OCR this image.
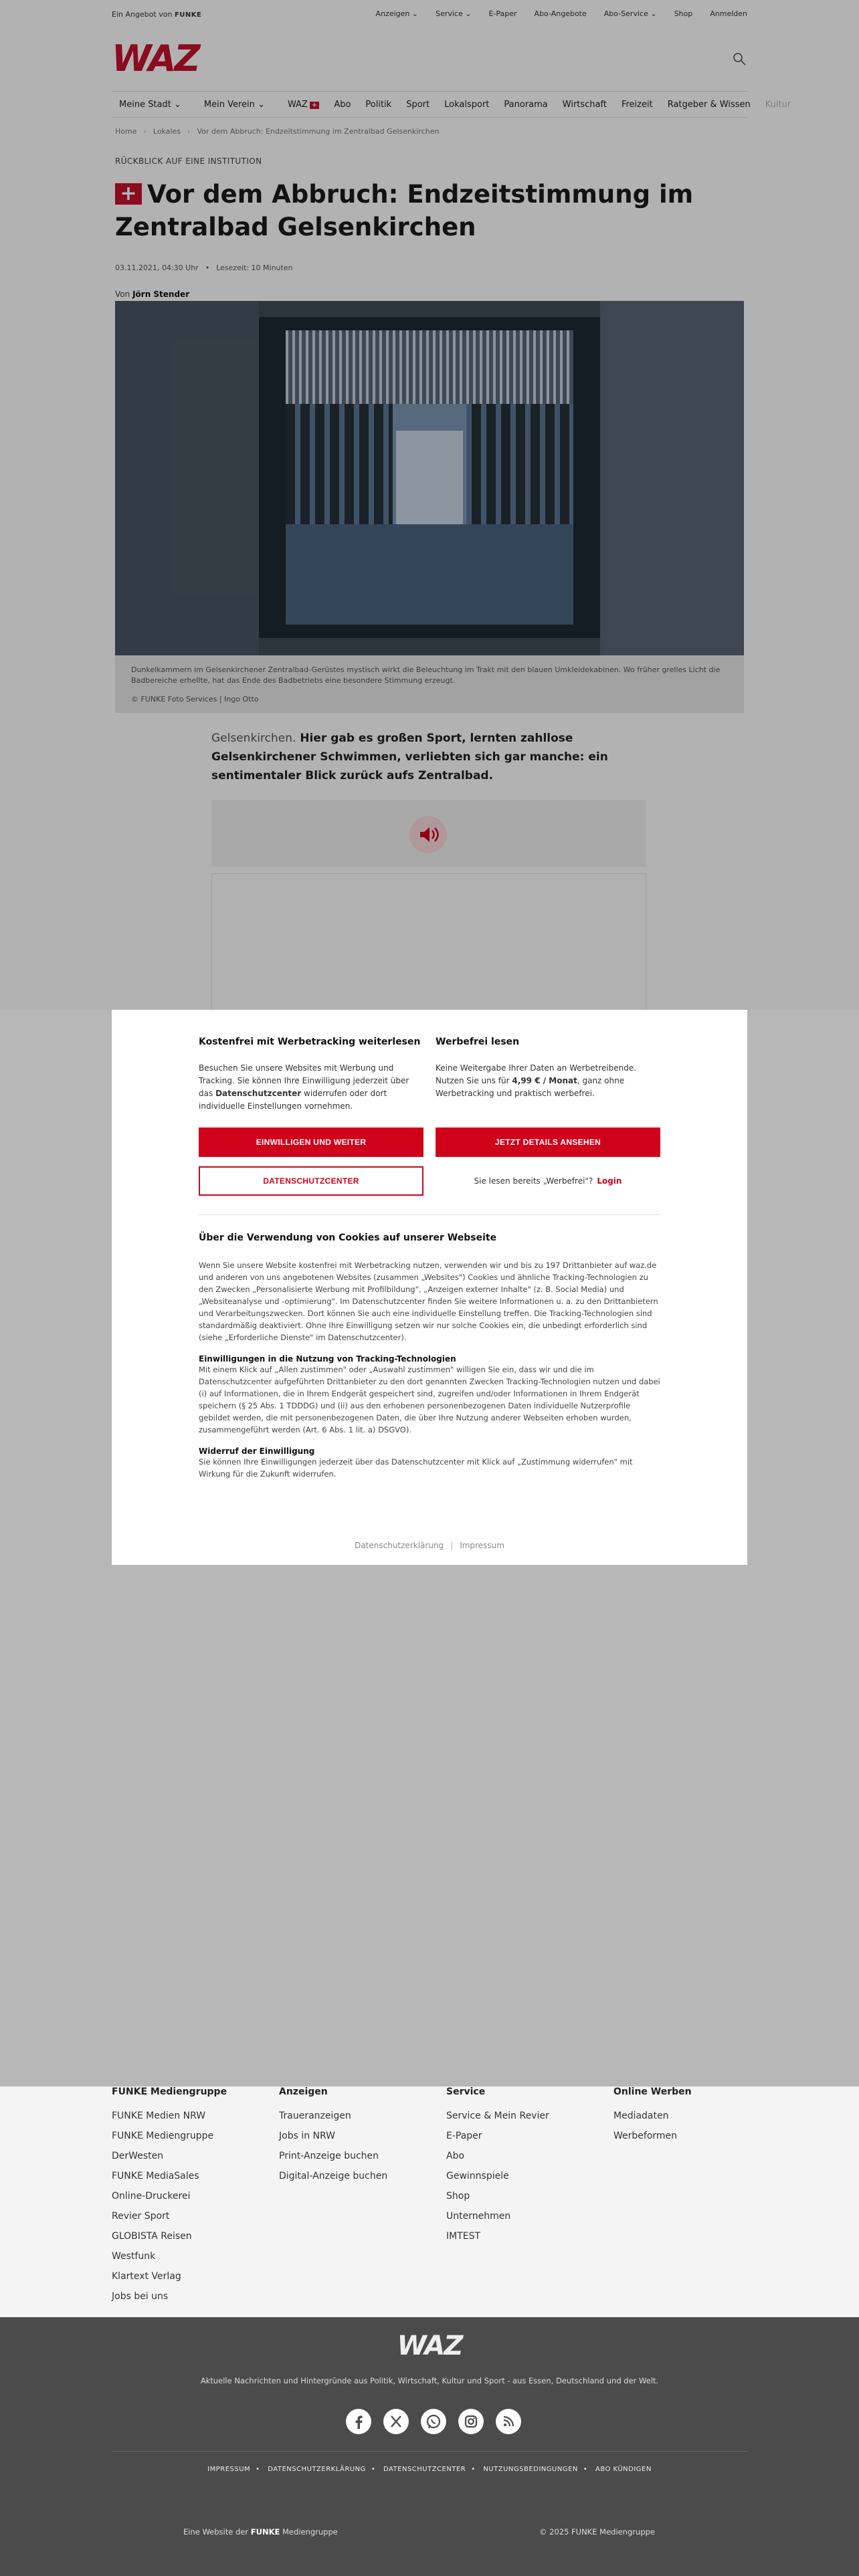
Ein Angebot von FUNKE	Anzeigen ⌄ Service ⌄ E-Paper Abo-Angebote Abo-Service ⌄ Shop Anmelden
WAZ
Meine Stadt ⌄	Mein Verein ⌄	WAZ +	Abo	Politik	Sport	Lokalsport	Panorama	Wirtschaft	Freizeit	Ratgeber & Wissen	Kultur
Home › Lokales › Vor dem Abbruch: Endzeitstimmung im Zentralbad Gelsenkirchen
RÜCKBLICK AUF EINE INSTITUTION
+ Vor dem Abbruch: Endzeitstimmung im Zentralbad Gelsenkirchen
03.11.2021, 04:30 Uhr • Lesezeit: 10 Minuten
Von Jörn Stender
Dunkelkammern im Gelsenkirchener Zentralbad-Gerüstes mystisch wirkt die Beleuchtung im Trakt mit den blauen Umkleidekabinen. Wo früher grelles Licht die Badbereiche erhellte, hat das Ende des Badbetriebs eine besondere Stimmung erzeugt.
© FUNKE Foto Services | Ingo Otto
Gelsenkirchen. Hier gab es großen Sport, lernten zahllose Gelsenkirchener Schwimmen, verliebten sich gar manche: ein sentimentaler Blick zurück aufs Zentralbad.
Kostenfrei mit Werbetracking weiterlesen

Besuchen Sie unsere Websites mit Werbung und Tracking. Sie können Ihre Einwilligung jederzeit über das Datenschutzcenter widerrufen oder dort individuelle Einstellungen vornehmen.

Werbefrei lesen

Keine Weitergabe Ihrer Daten an Werbetreibende. Nutzen Sie uns für 4,99 € / Monat, ganz ohne Werbetracking und praktisch werbefrei.

EINWILLIGEN UND WEITER	JETZT DETAILS ANSEHEN
DATENSCHUTZCENTER	Sie lesen bereits „Werbefrei"? Login
Über die Verwendung von Cookies auf unserer Webseite

Wenn Sie unsere Website kostenfrei mit Werbetracking nutzen, verwenden wir und bis zu 197 Drittanbieter auf waz.de und anderen von uns angebotenen Websites (zusammen „Websites") Cookies und ähnliche Tracking-Technologien zu den Zwecken „Personalisierte Werbung mit Profilbildung", „Anzeigen externer Inhalte" (z. B. Social Media) und „Websiteanalyse und -optimierung". Im Datenschutzcenter finden Sie weitere Informationen u. a. zu den Drittanbietern und Verarbeitungszwecken. Dort können Sie auch eine individuelle Einstellung treffen. Die Tracking-Technologien sind standardmäßig deaktiviert. Ohne Ihre Einwilligung setzen wir nur solche Cookies ein, die unbedingt erforderlich sind (siehe „Erforderliche Dienste" im Datenschutzcenter).

Einwilligungen in die Nutzung von Tracking-Technologien

Mit einem Klick auf „Allen zustimmen" oder „Auswahl zustimmen" willigen Sie ein, dass wir und die im Datenschutzcenter aufgeführten Drittanbieter zu den dort genannten Zwecken Tracking-Technologien nutzen und dabei (i) auf Informationen, die in Ihrem Endgerät gespeichert sind, zugreifen und/oder Informationen in Ihrem Endgerät speichern (§ 25 Abs. 1 TDDDG) und (ii) aus den erhobenen personenbezogenen Daten individuelle Nutzerprofile gebildet werden, die mit personenbezogenen Daten, die über Ihre Nutzung anderer Webseiten erhoben wurden, zusammengeführt werden (Art. 6 Abs. 1 lit. a) DSGVO).

Widerruf der Einwilligung

Sie können Ihre Einwilligungen jederzeit über das Datenschutzcenter mit Klick auf „Zustimmung widerrufen" mit Wirkung für die Zukunft widerrufen.

Datenschutzerklärung | Impressum
FUNKE Mediengruppe
FUNKE Medien NRW
FUNKE Mediengruppe
DerWesten
FUNKE MediaSales
Online-Druckerei
Revier Sport
GLOBISTA Reisen
Westfunk
Klartext Verlag
Jobs bei uns
Anzeigen
Traueranzeigen
Jobs in NRW
Print-Anzeige buchen
Digital-Anzeige buchen
Service
Service & Mein Revier
E-Paper
Abo
Gewinnspiele
Shop
Unternehmen
IMTEST
Online Werben
Mediadaten
Werbeformen
WAZ
Aktuelle Nachrichten und Hintergründe aus Politik, Wirtschaft, Kultur und Sport - aus Essen, Deutschland und der Welt.
IMPRESSUM • DATENSCHUTZERKLÄRUNG • DATENSCHUTZCENTER • NUTZUNGSBEDINGUNGEN • ABO KÜNDIGEN
Eine Website der FUNKE Mediengruppe	© 2025 FUNKE Mediengruppe
